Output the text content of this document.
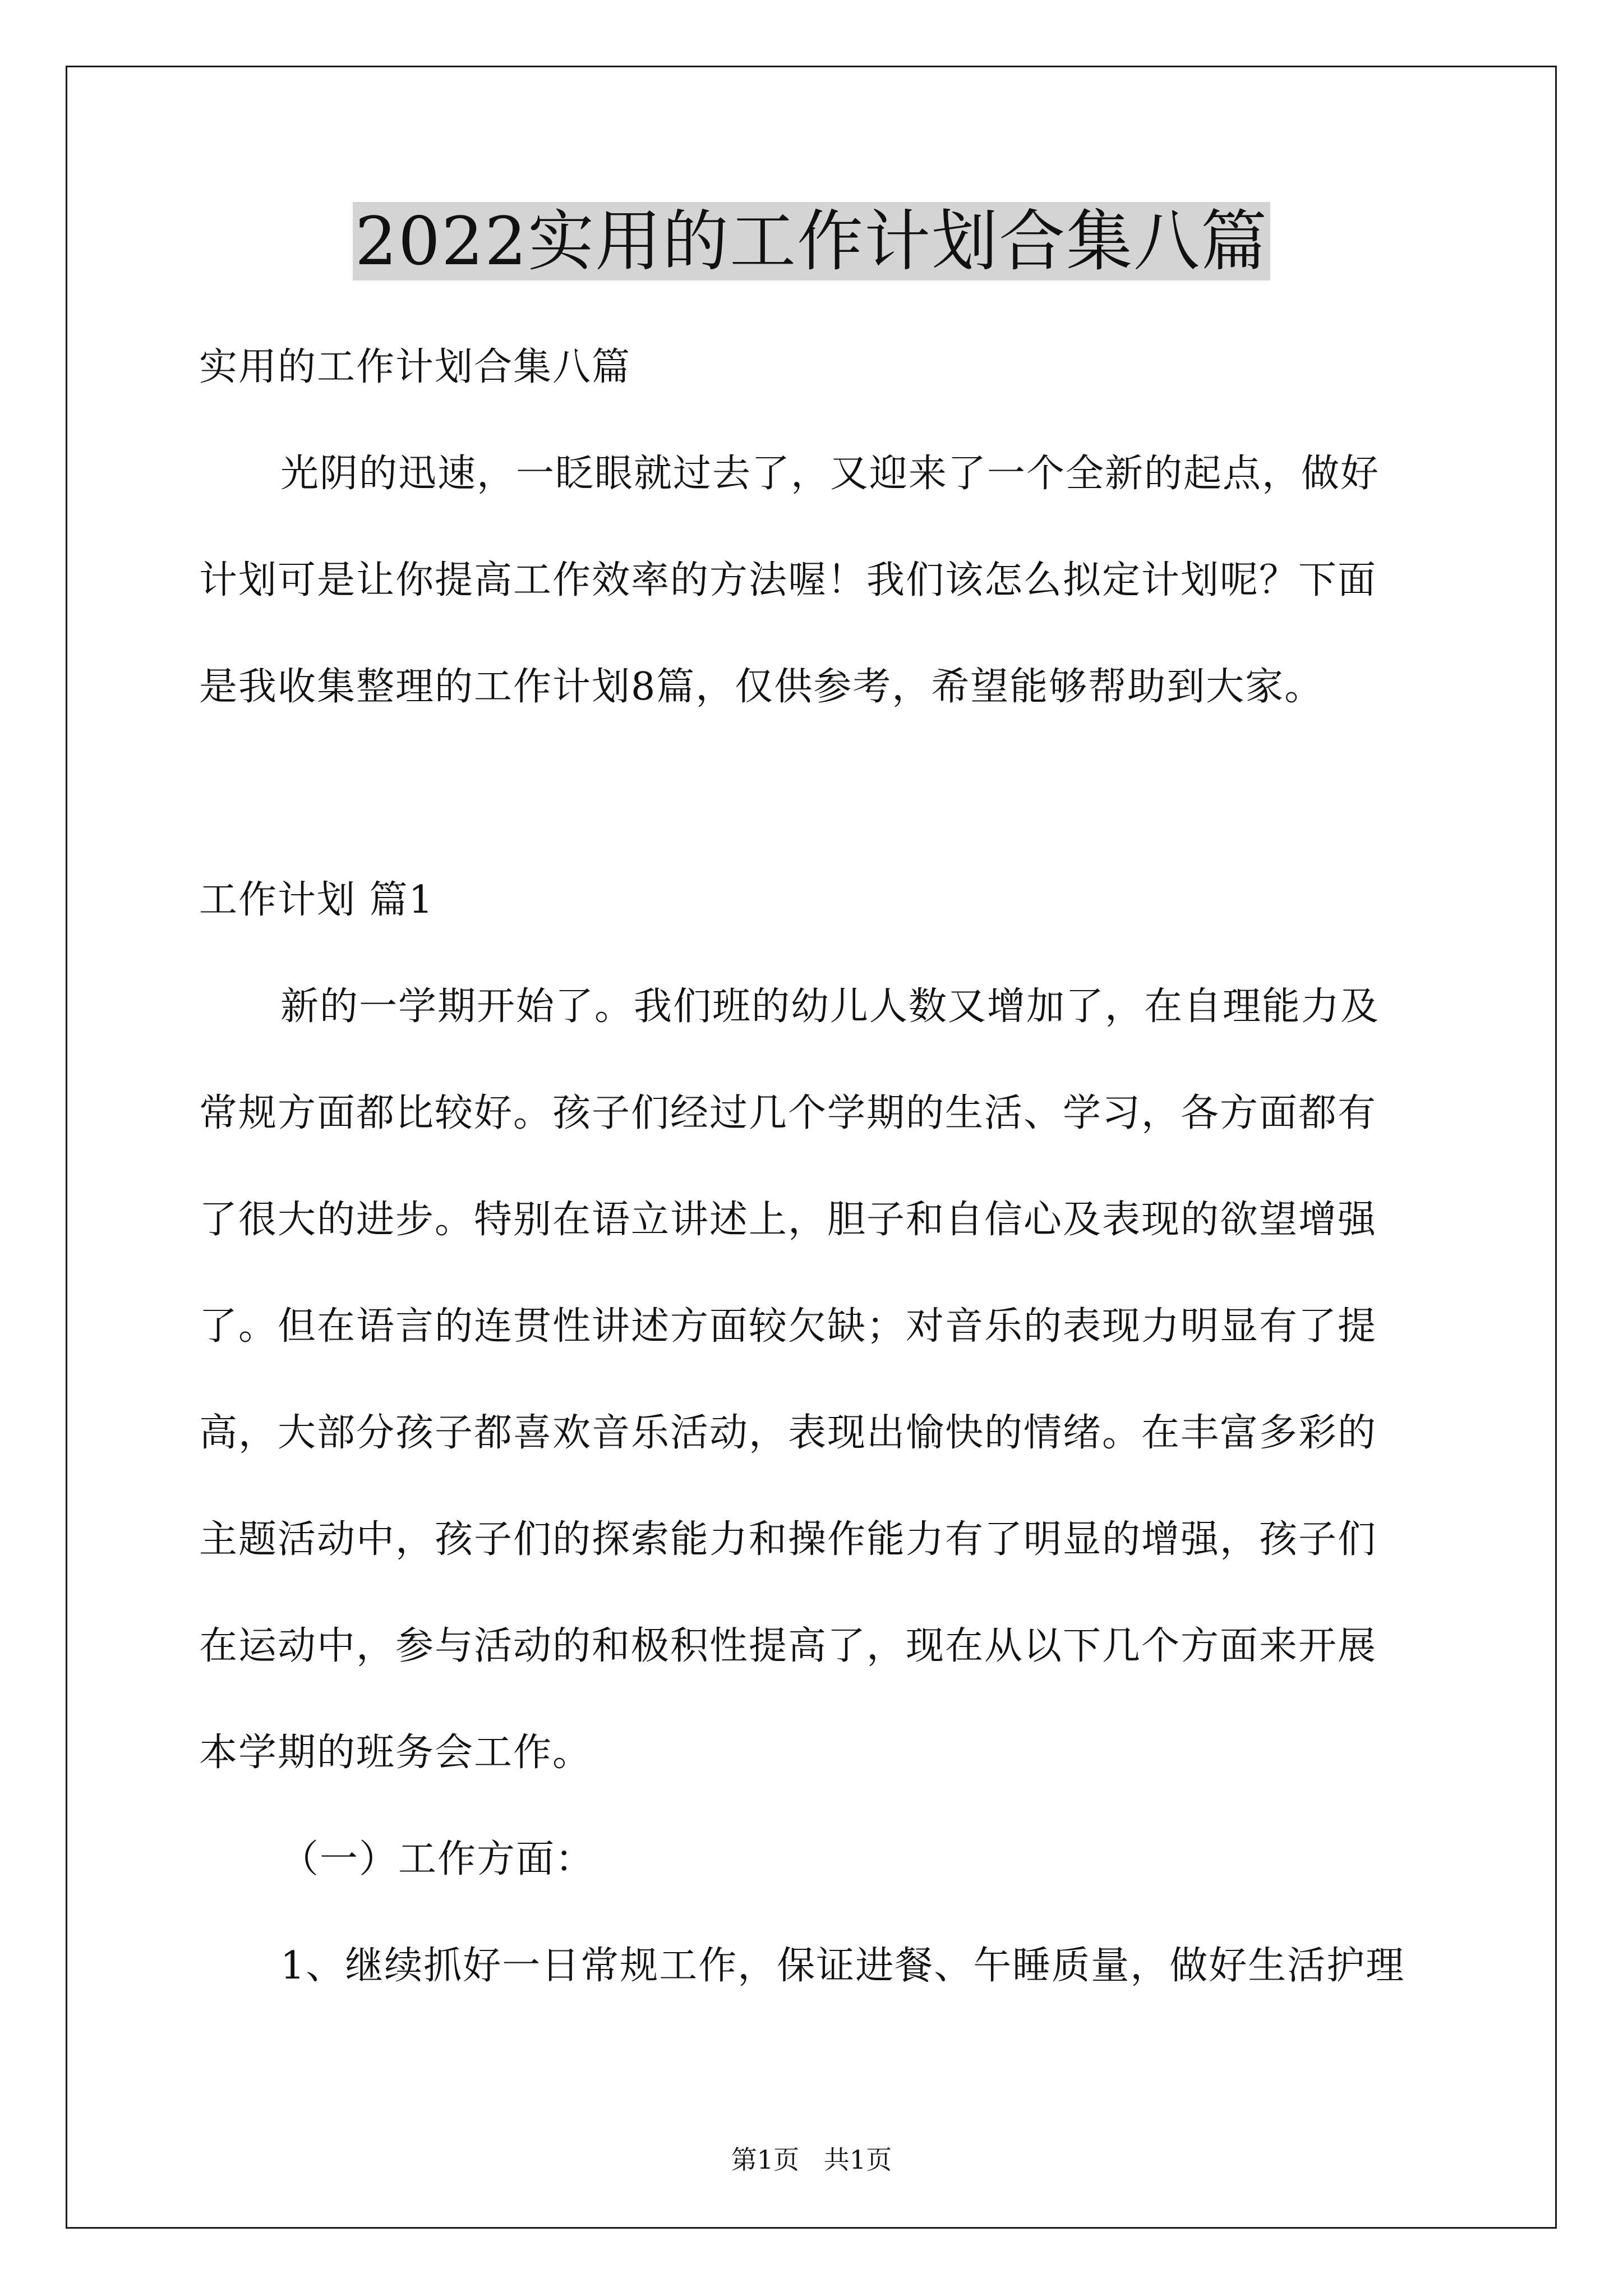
2022实用的工作计划合集八篇
实用的工作计划合集八篇
光阴的迅速，一眨眼就过去了，又迎来了一个全新的起点，做好
计划可是让你提高工作效率的方法喔！我们该怎么拟定计划呢？下面
是我收集整理的工作计划8篇，仅供参考，希望能够帮助到大家。
工作计划 篇1
新的一学期开始了。我们班的幼儿人数又增加了，在自理能力及
常规方面都比较好。孩子们经过几个学期的生活、学习，各方面都有
了很大的进步。特别在语立讲述上，胆子和自信心及表现的欲望增强
了。但在语言的连贯性讲述方面较欠缺；对音乐的表现力明显有了提
高，大部分孩子都喜欢音乐活动，表现出愉快的情绪。在丰富多彩的
主题活动中，孩子们的探索能力和操作能力有了明显的增强，孩子们
在运动中，参与活动的和极积性提高了，现在从以下几个方面来开展
本学期的班务会工作。
（一）工作方面：
1、继续抓好一日常规工作，保证进餐、午睡质量，做好生活护理
第1页   共1页
